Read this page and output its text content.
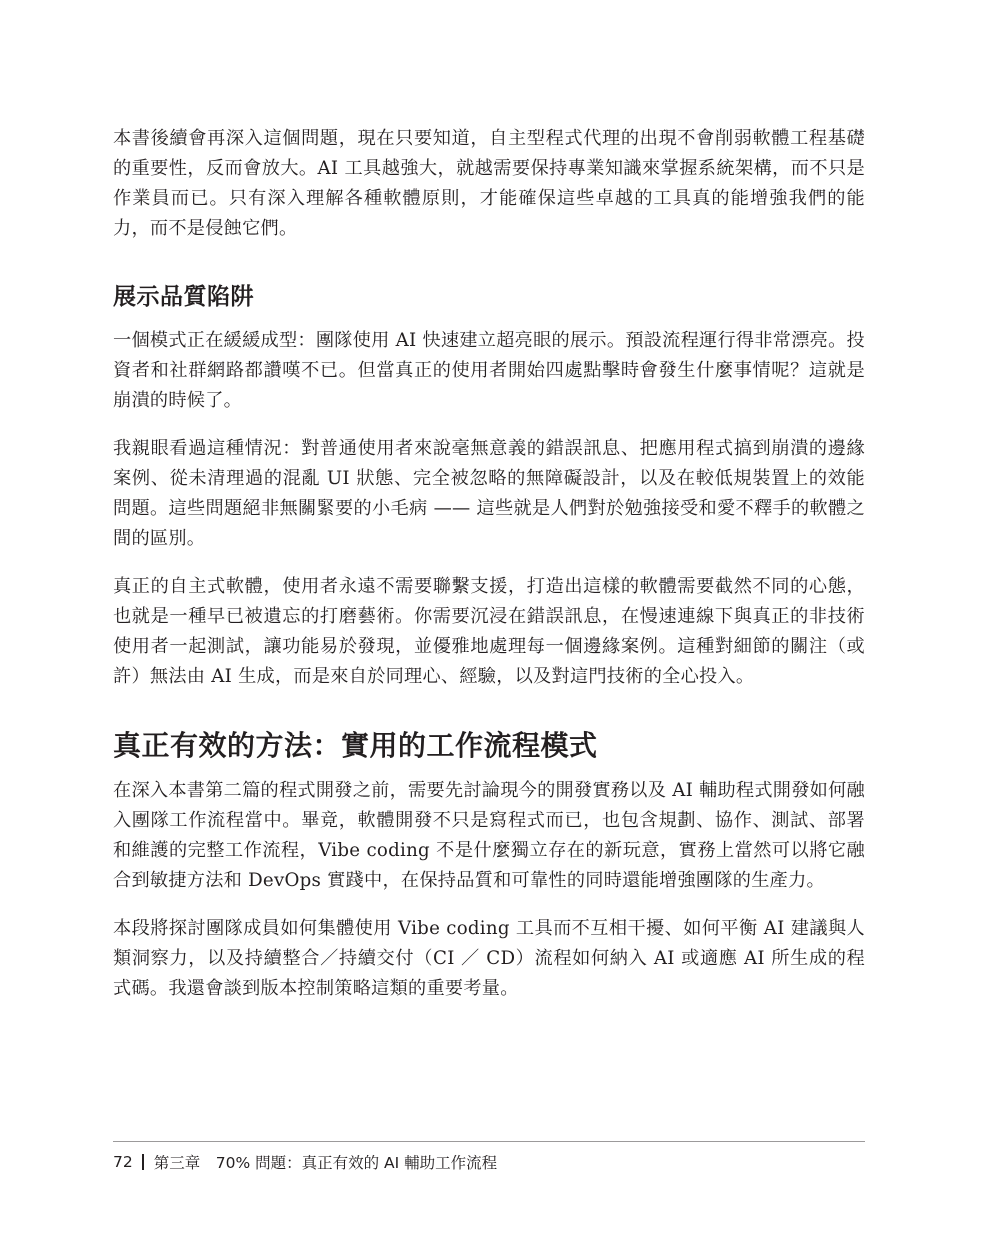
本書後續會再深入這個問題，現在只要知道，自主型程式代理的出現不會削弱軟體工程基礎的重要性，反而會放大。AI 工具越強大，就越需要保持專業知識來掌握系統架構，而不只是作業員而已。只有深入理解各種軟體原則，才能確保這些卓越的工具真的能增強我們的能力，而不是侵蝕它們。

展示品質陷阱

一個模式正在緩緩成型：團隊使用 AI 快速建立超亮眼的展示。預設流程運行得非常漂亮。投資者和社群網路都讚嘆不已。但當真正的使用者開始四處點擊時會發生什麼事情呢？這就是崩潰的時候了。

我親眼看過這種情況：對普通使用者來說毫無意義的錯誤訊息、把應用程式搞到崩潰的邊緣案例、從未清理過的混亂 UI 狀態、完全被忽略的無障礙設計，以及在較低規裝置上的效能問題。這些問題絕非無關緊要的小毛病 —— 這些就是人們對於勉強接受和愛不釋手的軟體之間的區別。

真正的自主式軟體，使用者永遠不需要聯繫支援，打造出這樣的軟體需要截然不同的心態，也就是一種早已被遺忘的打磨藝術。你需要沉浸在錯誤訊息，在慢速連線下與真正的非技術使用者一起測試，讓功能易於發現，並優雅地處理每一個邊緣案例。這種對細節的關注（或許）無法由 AI 生成，而是來自於同理心、經驗，以及對這門技術的全心投入。

真正有效的方法：實用的工作流程模式

在深入本書第二篇的程式開發之前，需要先討論現今的開發實務以及 AI 輔助程式開發如何融入團隊工作流程當中。畢竟，軟體開發不只是寫程式而已，也包含規劃、協作、測試、部署和維護的完整工作流程，Vibe coding 不是什麼獨立存在的新玩意，實務上當然可以將它融合到敏捷方法和 DevOps 實踐中，在保持品質和可靠性的同時還能增強團隊的生產力。

本段將探討團隊成員如何集體使用 Vibe coding 工具而不互相干擾、如何平衡 AI 建議與人類洞察力，以及持續整合／持續交付（CI ／ CD）流程如何納入 AI 或適應 AI 所生成的程式碼。我還會談到版本控制策略這類的重要考量。

72 第三章　70% 問題：真正有效的 AI 輔助工作流程
